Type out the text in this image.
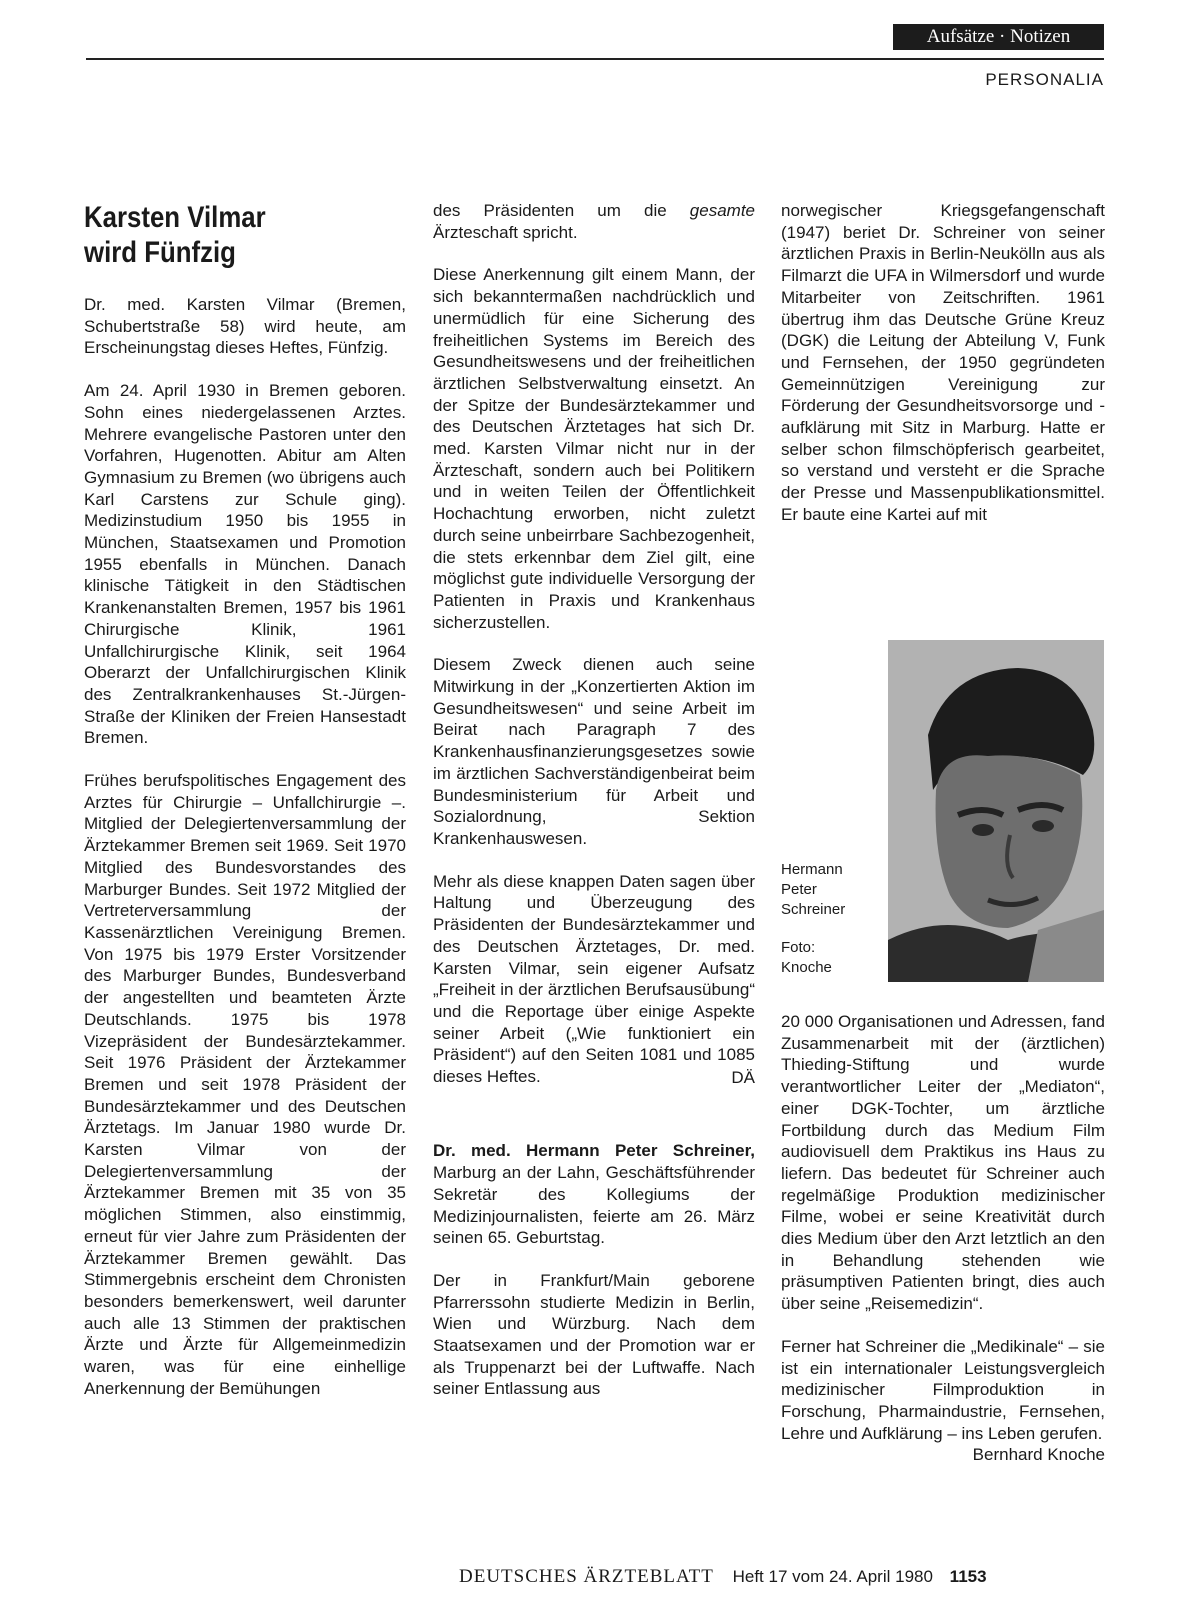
Aufsätze · Notizen
PERSONALIA
Karsten Vilmar
wird Fünfzig

Dr. med. Karsten Vilmar (Bremen, Schubertstraße 58) wird heute, am Erscheinungstag dieses Heftes, Fünfzig.

Am 24. April 1930 in Bremen geboren. Sohn eines niedergelassenen Arztes. Mehrere evangelische Pastoren unter den Vorfahren, Hugenotten. Abitur am Alten Gymnasium zu Bremen (wo übrigens auch Karl Carstens zur Schule ging). Medizinstudium 1950 bis 1955 in München, Staatsexamen und Promotion 1955 ebenfalls in München. Danach klinische Tätigkeit in den Städtischen Krankenanstalten Bremen, 1957 bis 1961 Chirurgische Klinik, 1961 Unfallchirurgische Klinik, seit 1964 Oberarzt der Unfallchirurgischen Klinik des Zentralkrankenhauses St.-Jürgen-Straße der Kliniken der Freien Hansestadt Bremen.

Frühes berufspolitisches Engagement des Arztes für Chirurgie – Unfallchirurgie –. Mitglied der Delegiertenversammlung der Ärztekammer Bremen seit 1969. Seit 1970 Mitglied des Bundesvorstandes des Marburger Bundes. Seit 1972 Mitglied der Vertreterversammlung der Kassenärztlichen Vereinigung Bremen. Von 1975 bis 1979 Erster Vorsitzender des Marburger Bundes, Bundesverband der angestellten und beamteten Ärzte Deutschlands. 1975 bis 1978 Vizepräsident der Bundesärztekammer. Seit 1976 Präsident der Ärztekammer Bremen und seit 1978 Präsident der Bundesärztekammer und des Deutschen Ärztetags. Im Januar 1980 wurde Dr. Karsten Vilmar von der Delegiertenversammlung der Ärztekammer Bremen mit 35 von 35 möglichen Stimmen, also einstimmig, erneut für vier Jahre zum Präsidenten der Ärztekammer Bremen gewählt. Das Stimmergebnis erscheint dem Chronisten besonders bemerkenswert, weil darunter auch alle 13 Stimmen der praktischen Ärzte und Ärzte für Allgemeinmedizin waren, was für eine einhellige Anerkennung der Bemühungen

des Präsidenten um die gesamte Ärzteschaft spricht.

Diese Anerkennung gilt einem Mann, der sich bekanntermaßen nachdrücklich und unermüdlich für eine Sicherung des freiheitlichen Systems im Bereich des Gesundheitswesens und der freiheitlichen ärztlichen Selbstverwaltung einsetzt. An der Spitze der Bundesärztekammer und des Deutschen Ärztetages hat sich Dr. med. Karsten Vilmar nicht nur in der Ärzteschaft, sondern auch bei Politikern und in weiten Teilen der Öffentlichkeit Hochachtung erworben, nicht zuletzt durch seine unbeirrbare Sachbezogenheit, die stets erkennbar dem Ziel gilt, eine möglichst gute individuelle Versorgung der Patienten in Praxis und Krankenhaus sicherzustellen.

Diesem Zweck dienen auch seine Mitwirkung in der „Konzertierten Aktion im Gesundheitswesen“ und seine Arbeit im Beirat nach Paragraph 7 des Krankenhausfinanzierungsgesetzes sowie im ärztlichen Sachverständigenbeirat beim Bundesministerium für Arbeit und Sozialordnung, Sektion Krankenhauswesen.

Mehr als diese knappen Daten sagen über Haltung und Überzeugung des Präsidenten der Bundesärztekammer und des Deutschen Ärztetages, Dr. med. Karsten Vilmar, sein eigener Aufsatz „Freiheit in der ärztlichen Berufsausübung“ und die Reportage über einige Aspekte seiner Arbeit („Wie funktioniert ein Präsident“) auf den Seiten 1081 und 1085 dieses Heftes.	DÄ

Dr. med. Hermann Peter Schreiner, Marburg an der Lahn, Geschäftsführender Sekretär des Kollegiums der Medizinjournalisten, feierte am 26. März seinen 65. Geburtstag.

Der in Frankfurt/Main geborene Pfarrerssohn studierte Medizin in Berlin, Wien und Würzburg. Nach dem Staatsexamen und der Promotion war er als Truppenarzt bei der Luftwaffe. Nach seiner Entlassung aus

norwegischer Kriegsgefangenschaft (1947) beriet Dr. Schreiner von seiner ärztlichen Praxis in Berlin-Neukölln aus als Filmarzt die UFA in Wilmersdorf und wurde Mitarbeiter von Zeitschriften. 1961 übertrug ihm das Deutsche Grüne Kreuz (DGK) die Leitung der Abteilung V, Funk und Fernsehen, der 1950 gegründeten Gemeinnützigen Vereinigung zur Förderung der Gesundheitsvorsorge und -aufklärung mit Sitz in Marburg. Hatte er selber schon filmschöpferisch gearbeitet, so verstand und versteht er die Sprache der Presse und Massenpublikationsmittel. Er baute eine Kartei auf mit

Hermann
Peter
Schreiner
Foto:
Knoche

20 000 Organisationen und Adressen, fand Zusammenarbeit mit der (ärztlichen) Thieding-Stiftung und wurde verantwortlicher Leiter der „Mediaton“, einer DGK-Tochter, um ärztliche Fortbildung durch das Medium Film audiovisuell dem Praktikus ins Haus zu liefern. Das bedeutet für Schreiner auch regelmäßige Produktion medizinischer Filme, wobei er seine Kreativität durch dies Medium über den Arzt letztlich an den in Behandlung stehenden wie präsumptiven Patienten bringt, dies auch über seine „Reisemedizin“.

Ferner hat Schreiner die „Medikinale“ – sie ist ein internationaler Leistungsvergleich medizinischer Filmproduktion in Forschung, Pharmaindustrie, Fernsehen, Lehre und Aufklärung – ins Leben gerufen.

Bernhard Knoche
DEUTSCHES ÄRZTEBLATT Heft 17 vom 24. April 1980 1153
